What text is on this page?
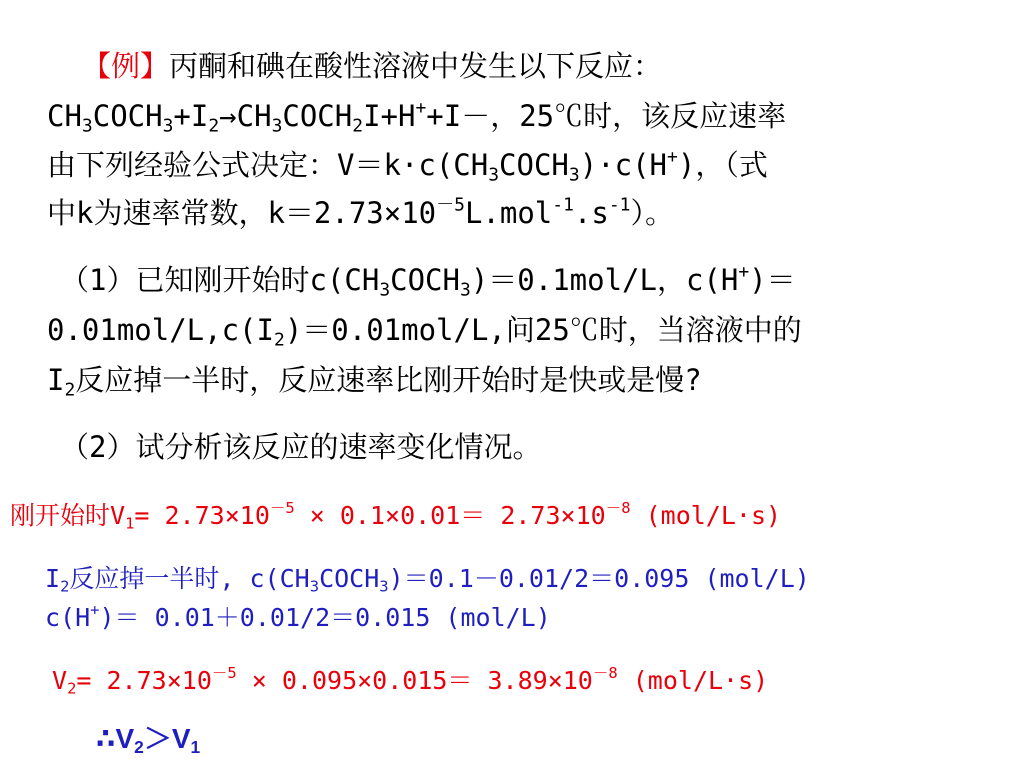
【例】丙酮和碘在酸性溶液中发生以下反应：
$CH_3COCH_3+I_2\to CH_3COCH_2I+H^++I-$，25℃时，该反应速率
由下列经验公式决定：$V=k\cdot c(CH_3COCH_3)\cdot c(H^+)$，（式
中k为速率常数，$k=2.73\times 10^{-5}L.mol^{-1}.s^{-1}$）。
（1）已知刚开始时$c(CH_3COCH_3)=0.1mol/L$，c(H+)＝
$0.01mol/L,c(I_2)=0.01mol/L$,问25℃时，当溶液中的
$I_2$反应掉一半时，反应速率比刚开始时是快或是慢?
（2）试分析该反应的速率变化情况。
刚开始时$V_1= 2.73\times 10^{-5} \times 0.1\times 0.01= 2.73\times 10^{-8}$ (mol/L·s)
$I_2$反应掉一半时, $c(CH_3COCH_3)=0.1-0.01/2=0.095$ (mol/L)
c(H+)＝ 0.01＋0.01/2＝0.015 (mol/L)
$V_2= 2.73\times 10^{-5} \times 0.095\times 0.015= 3.89\times 10^{-8}$ (mol/L·s)
$\therefore V_2>V_1$
